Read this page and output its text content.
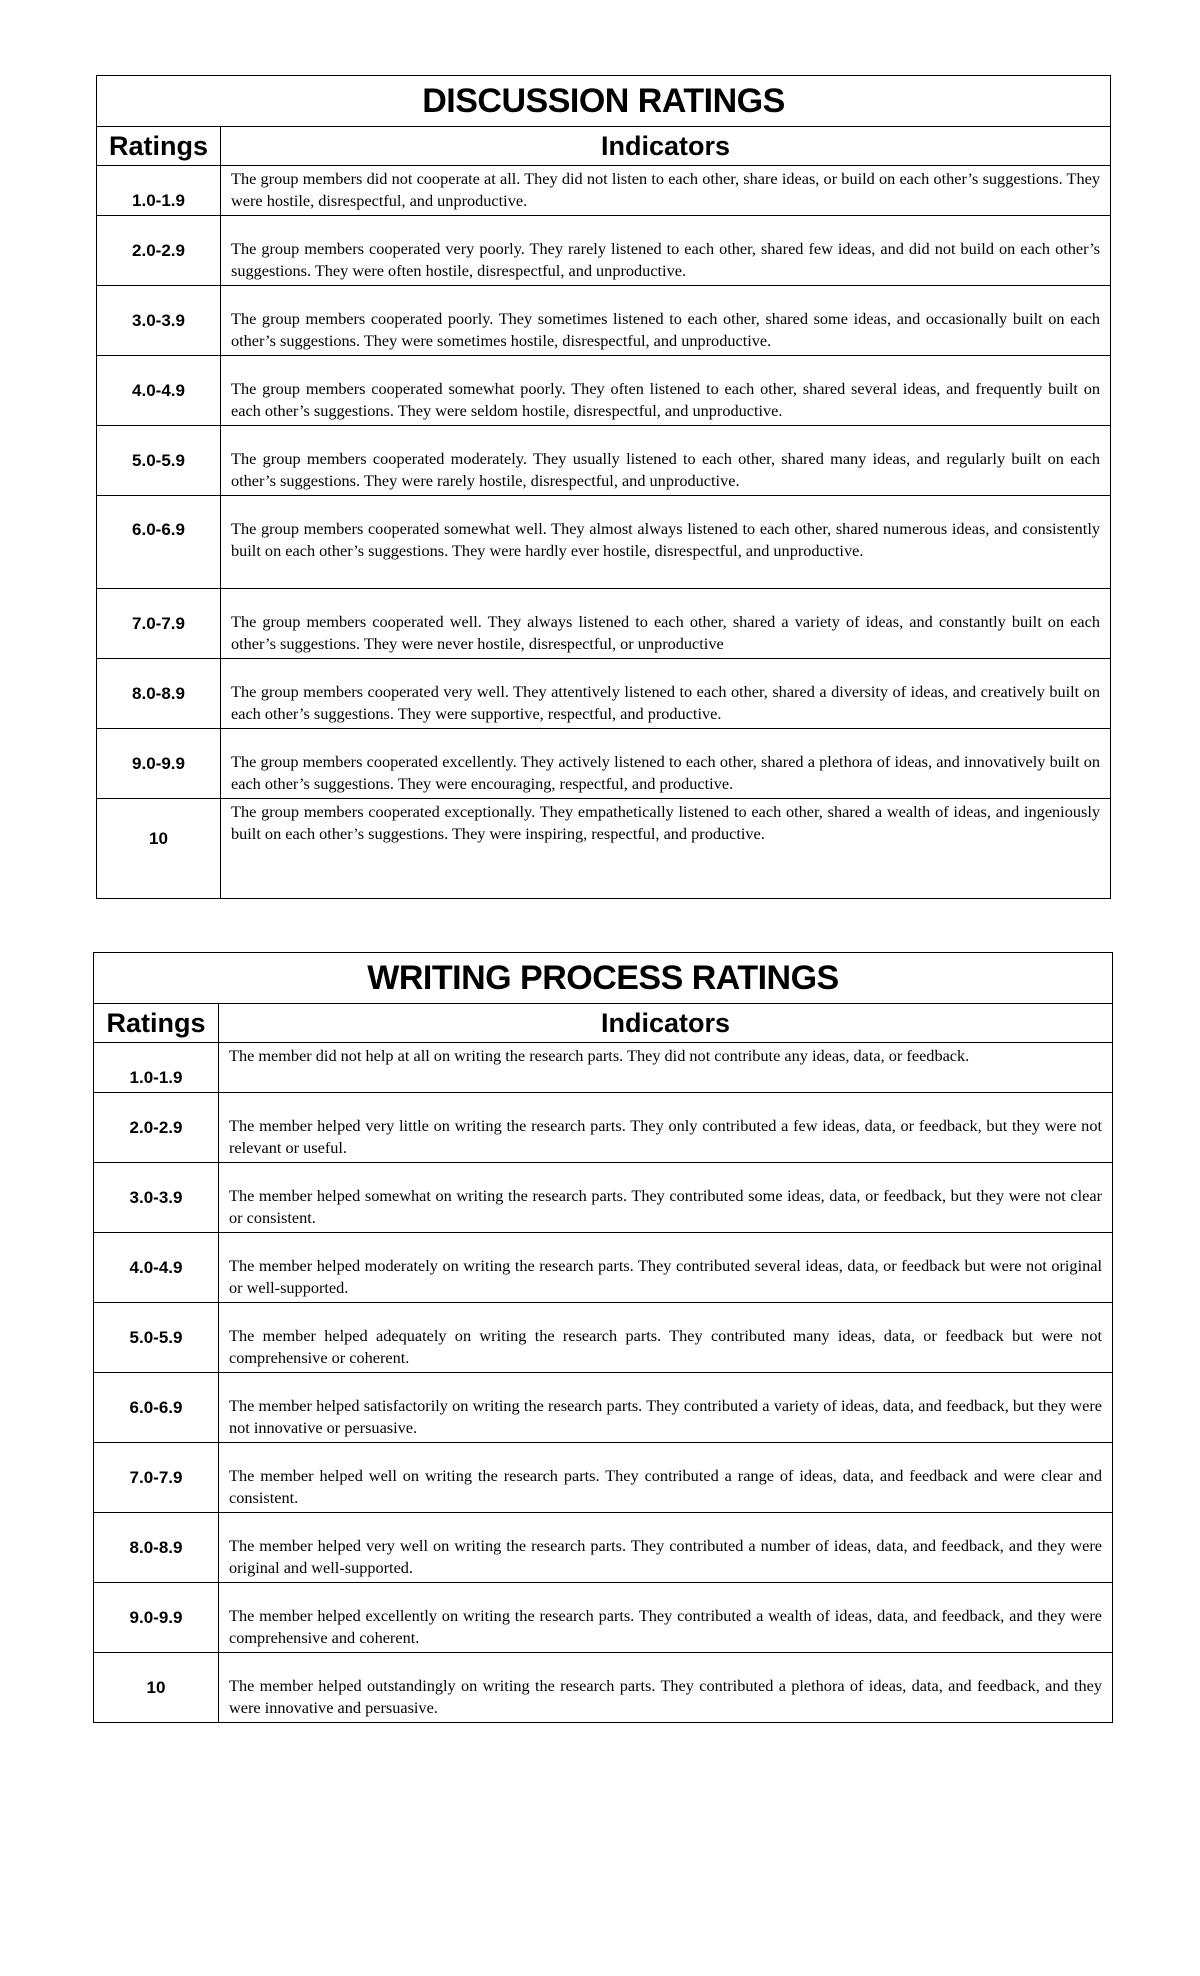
DISCUSSION RATINGS	
Ratings	Indicators
1.0-1.9	The group members did not cooperate at all. They did not listen to each other, share ideas, or build on each other’s suggestions. They were hostile, disrespectful, and unproductive.
2.0-2.9	The group members cooperated very poorly. They rarely listened to each other, shared few ideas, and did not build on each other’s suggestions. They were often hostile, disrespectful, and unproductive.
3.0-3.9	The group members cooperated poorly. They sometimes listened to each other, shared some ideas, and occasionally built on each other’s suggestions. They were sometimes hostile, disrespectful, and unproductive.
4.0-4.9	The group members cooperated somewhat poorly. They often listened to each other, shared several ideas, and frequently built on each other’s suggestions. They were seldom hostile, disrespectful, and unproductive.
5.0-5.9	The group members cooperated moderately. They usually listened to each other, shared many ideas, and regularly built on each other’s suggestions. They were rarely hostile, disrespectful, and unproductive.
6.0-6.9	The group members cooperated somewhat well. They almost always listened to each other, shared numerous ideas, and consistently built on each other’s suggestions. They were hardly ever hostile, disrespectful, and unproductive.
7.0-7.9	The group members cooperated well. They always listened to each other, shared a variety of ideas, and constantly built on each other’s suggestions. They were never hostile, disrespectful, or unproductive
8.0-8.9	The group members cooperated very well. They attentively listened to each other, shared a diversity of ideas, and creatively built on each other’s suggestions. They were supportive, respectful, and productive.
9.0-9.9	The group members cooperated excellently. They actively listened to each other, shared a plethora of ideas, and innovatively built on each other’s suggestions. They were encouraging, respectful, and productive.
10	The group members cooperated exceptionally. They empathetically listened to each other, shared a wealth of ideas, and ingeniously built on each other’s suggestions. They were inspiring, respectful, and productive.
WRITING PROCESS RATINGS	
Ratings	Indicators
1.0-1.9	The member did not help at all on writing the research parts. They did not contribute any ideas, data, or feedback.
2.0-2.9	The member helped very little on writing the research parts. They only contributed a few ideas, data, or feedback, but they were not relevant or useful.
3.0-3.9	The member helped somewhat on writing the research parts. They contributed some ideas, data, or feedback, but they were not clear or consistent.
4.0-4.9	The member helped moderately on writing the research parts. They contributed several ideas, data, or feedback but were not original or well-supported.
5.0-5.9	The member helped adequately on writing the research parts. They contributed many ideas, data, or feedback but were not comprehensive or coherent.
6.0-6.9	The member helped satisfactorily on writing the research parts. They contributed a variety of ideas, data, and feedback, but they were not innovative or persuasive.
7.0-7.9	The member helped well on writing the research parts. They contributed a range of ideas, data, and feedback and were clear and consistent.
8.0-8.9	The member helped very well on writing the research parts. They contributed a number of ideas, data, and feedback, and they were original and well-supported.
9.0-9.9	The member helped excellently on writing the research parts. They contributed a wealth of ideas, data, and feedback, and they were comprehensive and coherent.
10	The member helped outstandingly on writing the research parts. They contributed a plethora of ideas, data, and feedback, and they were innovative and persuasive.
